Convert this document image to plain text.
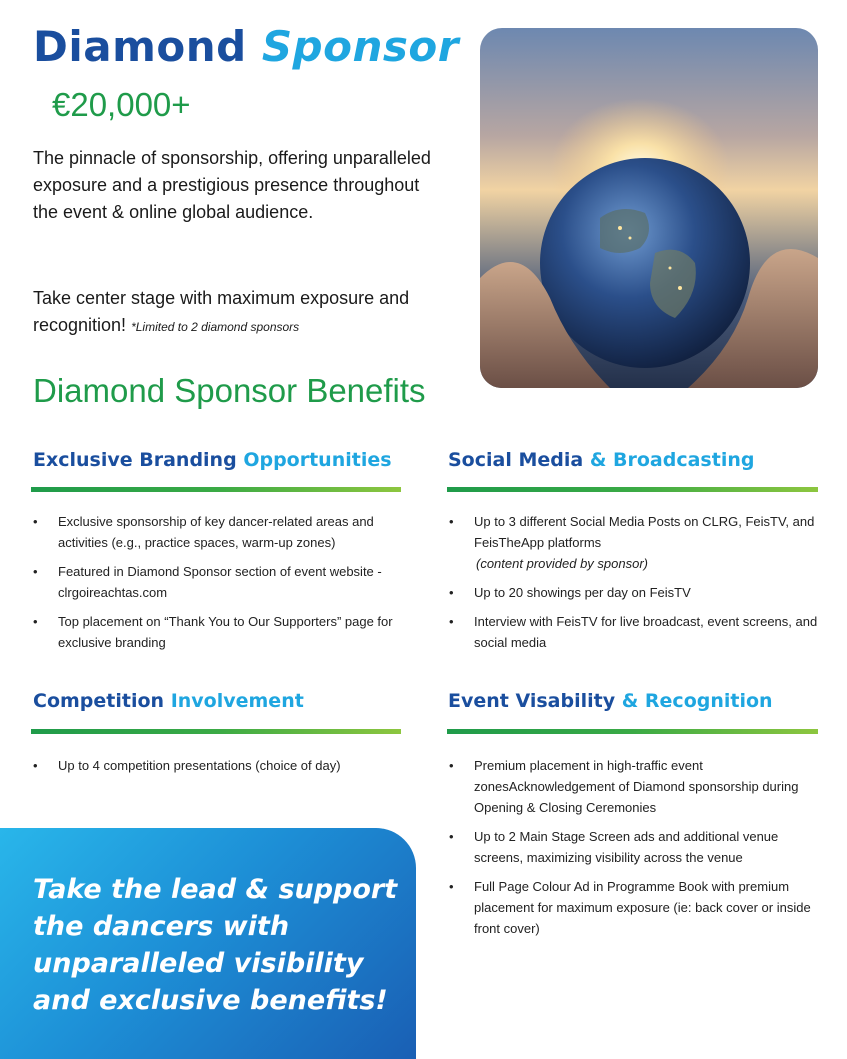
Diamond Sponsor
€20,000+

The pinnacle of sponsorship, offering unparalleled exposure and a prestigious presence throughout the event & online global audience.

Take center stage with maximum exposure and recognition! *Limited to 2 diamond sponsors

Diamond Sponsor Benefits
Exclusive Branding Opportunities
• Exclusive sponsorship of key dancer-related areas and activities (e.g., practice spaces, warm-up zones)
• Featured in Diamond Sponsor section of event website - clrgoireachtas.com
• Top placement on “Thank You to Our Supporters” page for exclusive branding
Social Media & Broadcasting
• Up to 3 different Social Media Posts on CLRG, FeisTV, and FeisTheApp platforms
(content provided by sponsor)
• Up to 20 showings per day on FeisTV
• Interview with FeisTV for live broadcast, event screens, and social media
Competition Involvement
• Up to 4 competition presentations (choice of day)
Event Visability & Recognition
• Premium placement in high-traffic event zonesAcknowledgement of Diamond sponsorship during Opening & Closing Ceremonies
• Up to 2 Main Stage Screen ads and additional venue screens, maximizing visibility across the venue
• Full Page Colour Ad in Programme Book with premium placement for maximum exposure (ie: back cover or inside front cover)
Take the lead & support the dancers with unparalleled visibility and exclusive benefits!
